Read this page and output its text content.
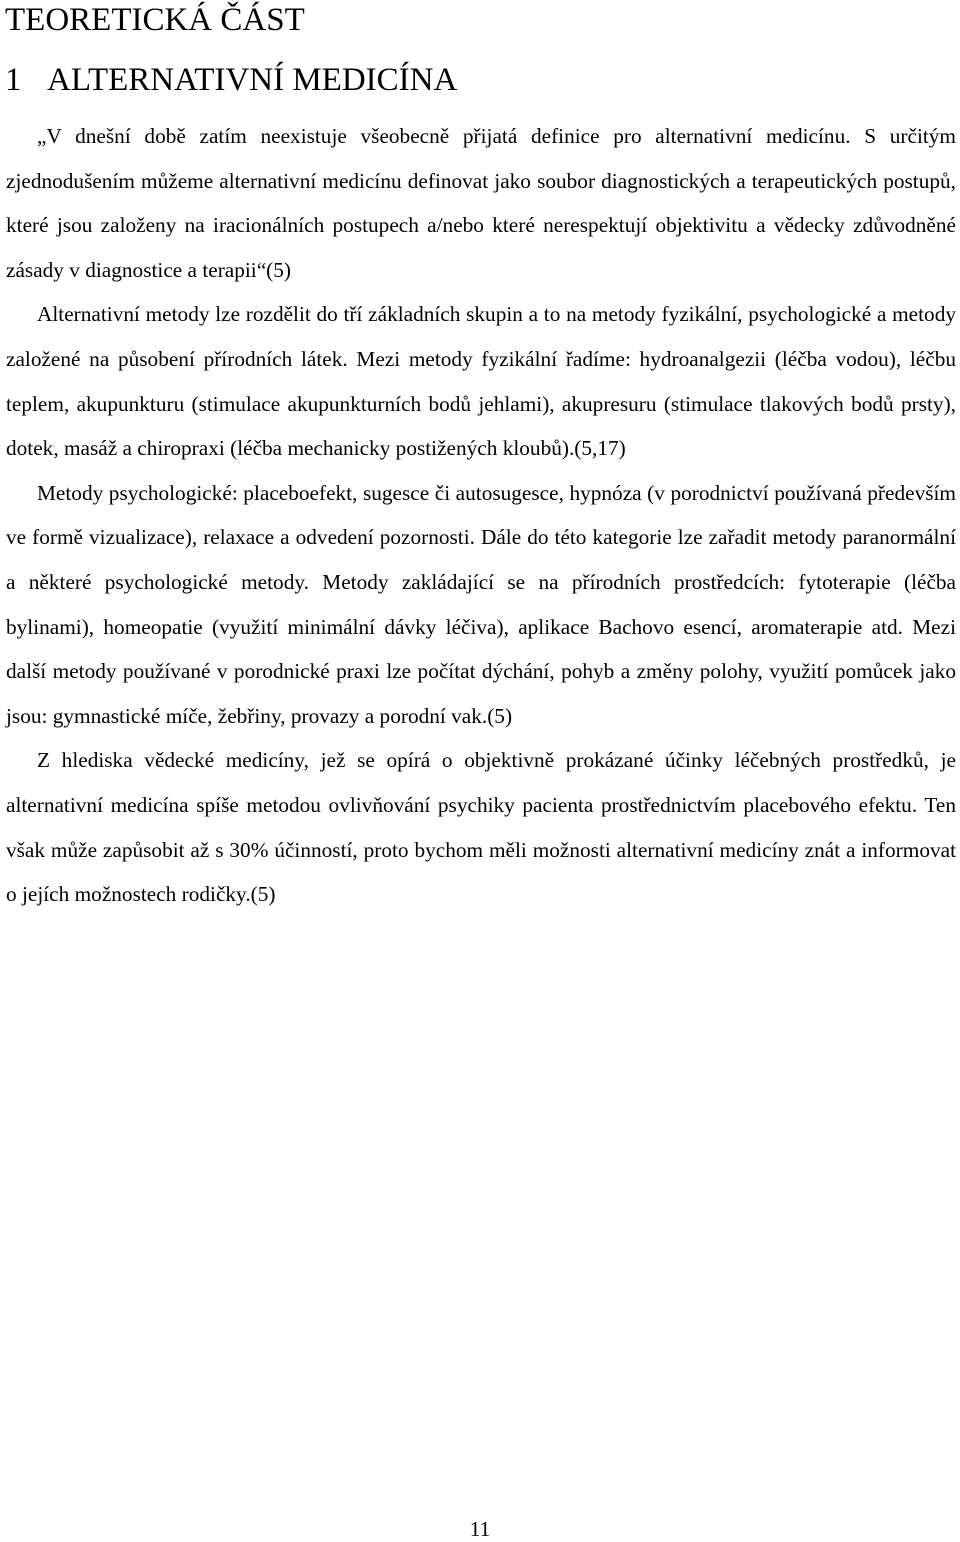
TEORETICKÁ ČÁST
1 ALTERNATIVNÍ MEDICÍNA

„V dnešní době zatím neexistuje všeobecně přijatá definice pro alternativní medicínu. S určitým zjednodušením můžeme alternativní medicínu definovat jako soubor diagnostických a terapeutických postupů, které jsou založeny na iracionálních postupech a/nebo které nerespektují objektivitu a vědecky zdůvodněné zásady v diagnostice a terapii“(5)

Alternativní metody lze rozdělit do tří základních skupin a to na metody fyzikální, psychologické a metody založené na působení přírodních látek. Mezi metody fyzikální řadíme: hydroanalgezii (léčba vodou), léčbu teplem, akupunkturu (stimulace akupunkturních bodů jehlami), akupresuru (stimulace tlakových bodů prsty), dotek, masáž a chiropraxi (léčba mechanicky postižených kloubů).(5,17)

Metody psychologické: placeboefekt, sugesce či autosugesce, hypnóza (v porodnictví používaná především ve formě vizualizace), relaxace a odvedení pozornosti. Dále do této kategorie lze zařadit metody paranormální a některé psychologické metody. Metody zakládající se na přírodních prostředcích: fytoterapie (léčba bylinami), homeopatie (využití minimální dávky léčiva), aplikace Bachovo esencí, aromaterapie atd. Mezi další metody používané v porodnické praxi lze počítat dýchání, pohyb a změny polohy, využití pomůcek jako jsou: gymnastické míče, žebřiny, provazy a porodní vak.(5)

Z hlediska vědecké medicíny, jež se opírá o objektivně prokázané účinky léčebných prostředků, je alternativní medicína spíše metodou ovlivňování psychiky pacienta prostřednictvím placebového efektu. Ten však může zapůsobit až s 30% účinností, proto bychom měli možnosti alternativní medicíny znát a informovat o jejích možnostech rodičky.(5)

11
